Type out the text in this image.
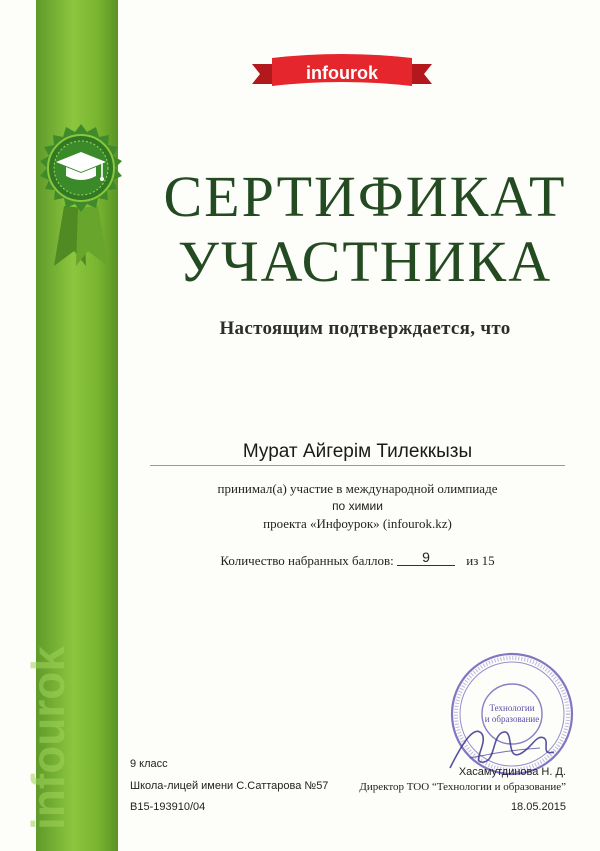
infourok
infourok
СЕРТИФИКАТ
УЧАСТНИКА
Настоящим подтверждается, что
Мурат Айгерім Тилеккызы
принимал(а) участие в международной олимпиаде
по химии
проекта «Инфоурок» (infourok.kz)
Количество набранных баллов: 9	из 15
Технологии
и образование
9 класс
Школа-лицей имени С.Саттарова №57
B15-193910/04
Хасамутдинова Н. Д.
Директор ТОО “Технологии и образование”
18.05.2015
